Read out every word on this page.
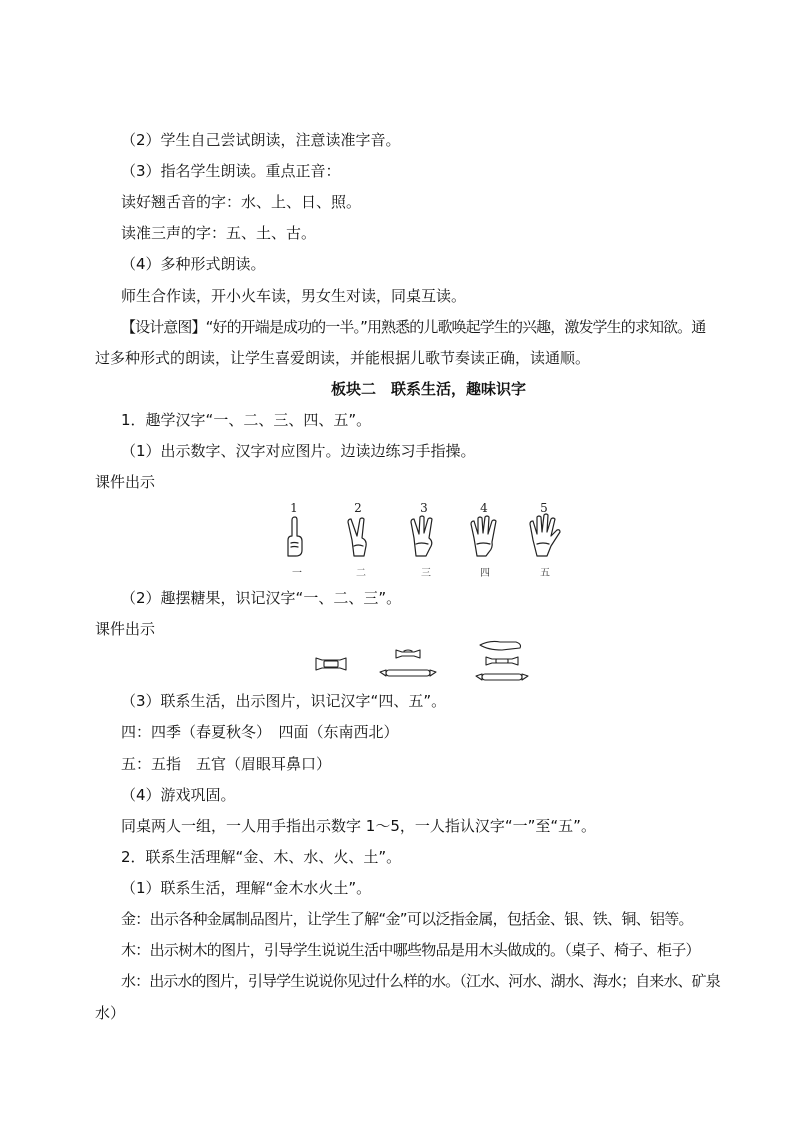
（2）学生自己尝试朗读，注意读准字音。
（3）指名学生朗读。重点正音：
读好翘舌音的字：水、上、日、照。
读准三声的字：五、土、古。
（4）多种形式朗读。
师生合作读，开小火车读，男女生对读，同桌互读。
【设计意图】“好的开端是成功的一半。”用熟悉的儿歌唤起学生的兴趣，激发学生的求知欲。通
过多种形式的朗读，让学生喜爱朗读，并能根据儿歌节奏读正确，读通顺。
板块二　联系生活，趣味识字
1．趣学汉字“一、二、三、四、五”。
（1）出示数字、汉字对应图片。边读边练习手指操。
课件出示
1	2	3	4	5
一	二	三	四	五
（2）趣摆糖果，识记汉字“一、二、三”。
课件出示
（3）联系生活，出示图片，识记汉字“四、五”。
四：四季（春夏秋冬）　四面（东南西北）
五：五指　五官（眉眼耳鼻口）
（4）游戏巩固。
同桌两人一组，一人用手指出示数字 1～5，一人指认汉字“一”至“五”。
2．联系生活理解“金、木、水、火、土”。
（1）联系生活，理解“金木水火土”。
金：出示各种金属制品图片，让学生了解“金”可以泛指金属，包括金、银、铁、铜、铝等。
木：出示树木的图片，引导学生说说生活中哪些物品是用木头做成的。（桌子、椅子、柜子）
水：出示水的图片，引导学生说说你见过什么样的水。（江水、河水、湖水、海水；自来水、矿泉
水）
